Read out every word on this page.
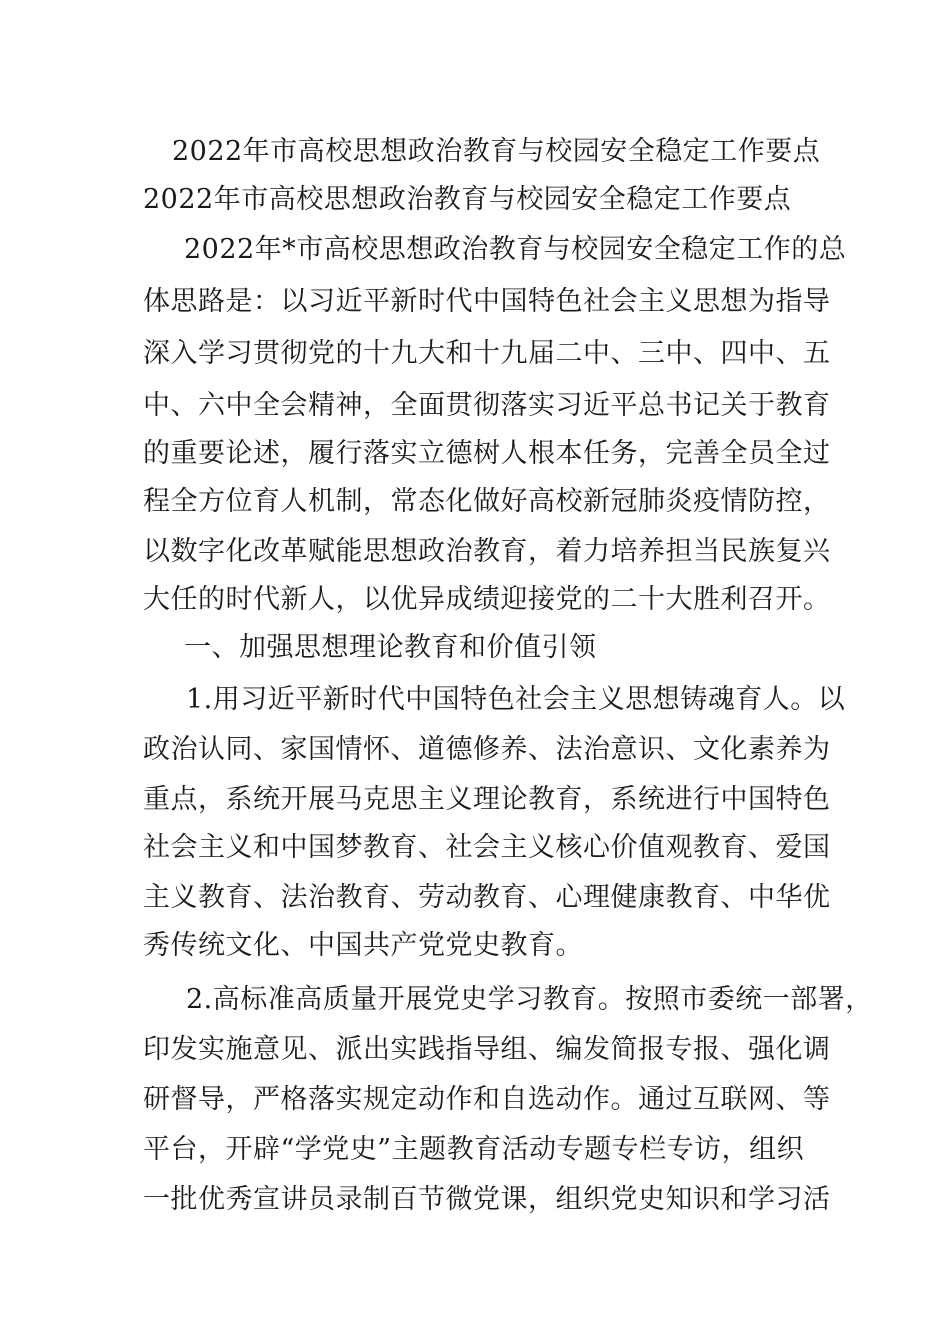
2022年市高校思想政治教育与校园安全稳定工作要点
2022年市高校思想政治教育与校园安全稳定工作要点
2022年*市高校思想政治教育与校园安全稳定工作的总
体思路是：以习近平新时代中国特色社会主义思想为指导
深入学习贯彻党的十九大和十九届二中、三中、四中、五
中、六中全会精神，全面贯彻落实习近平总书记关于教育
的重要论述，履行落实立德树人根本任务，完善全员全过
程全方位育人机制，常态化做好高校新冠肺炎疫情防控，
以数字化改革赋能思想政治教育，着力培养担当民族复兴
大任的时代新人，以优异成绩迎接党的二十大胜利召开。
一、加强思想理论教育和价值引领
1.用习近平新时代中国特色社会主义思想铸魂育人。以
政治认同、家国情怀、道德修养、法治意识、文化素养为
重点，系统开展马克思主义理论教育，系统进行中国特色
社会主义和中国梦教育、社会主义核心价值观教育、爱国
主义教育、法治教育、劳动教育、心理健康教育、中华优
秀传统文化、中国共产党党史教育。
2.高标准高质量开展党史学习教育。按照市委统一部署，
印发实施意见、派出实践指导组、编发简报专报、强化调
研督导，严格落实规定动作和自选动作。通过互联网、等
平台，开辟“学党史”主题教育活动专题专栏专访，组织
一批优秀宣讲员录制百节微党课，组织党史知识和学习活
